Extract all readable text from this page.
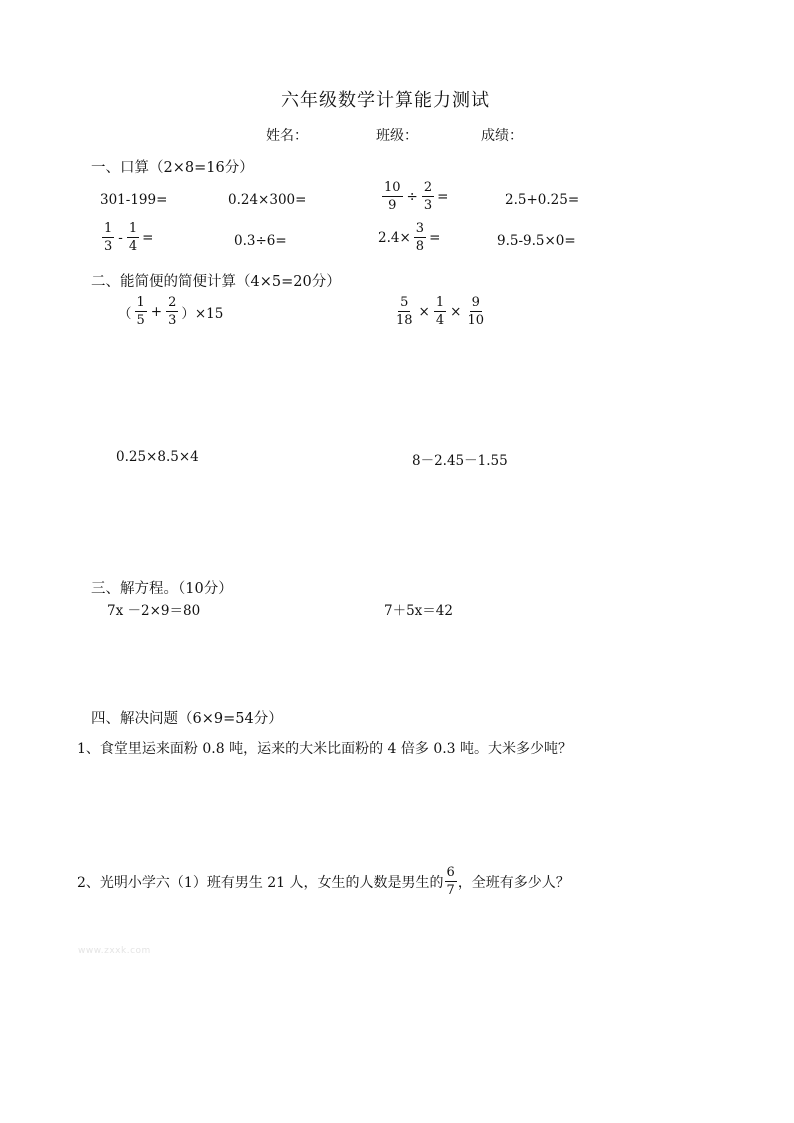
六年级数学计算能力测试
姓名：	班级：	成绩：
一、口算（2×8=16分）
301-199=	0.24×300=	$\frac{10}{9} \div \frac{2}{3}$ =	2.5+0.25=
$\frac{1}{3} - \frac{1}{4}$ =	0.3÷6=	$2.4\times \frac{3}{8}$ =	9.5-9.5×0=
二、能简便的简便计算（4×5=20分）
（ $\frac{1}{5} + \frac{2}{3} )\times 15$	$\frac{5}{18} \times \frac{1}{4} \times \frac{9}{10}$
0.25×8.5×4	8－2.45－1.55
三、解方程。（10分）
7x －2×9＝80	7＋5x＝42
四、解决问题（6×9=54分）
1、食堂里运来面粉 0.8 吨，运来的大米比面粉的 4 倍多 0.3 吨。大米多少吨？
2、光明小学六（1）班有男生 21 人，女生的人数是男生的 $\frac{6}{7}$ ，全班有多少人？
www.zxxk.com
